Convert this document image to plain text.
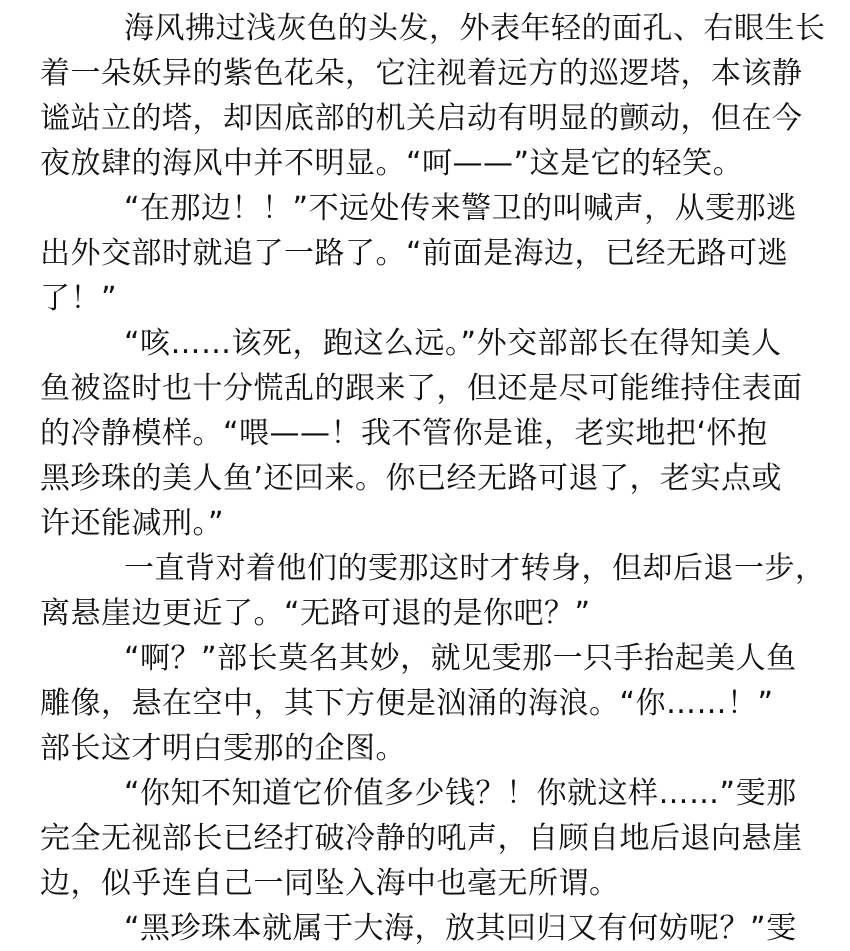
海风拂过浅灰色的头发，外表年轻的面孔、右眼生长
着一朵妖异的紫色花朵，它注视着远方的巡逻塔，本该静
谧站立的塔，却因底部的机关启动有明显的颤动，但在今
夜放肆的海风中并不明显。“呵——”这是它的轻笑。
“在那边！！”不远处传来警卫的叫喊声，从雯那逃
出外交部时就追了一路了。“前面是海边，已经无路可逃
了！”
“咳……该死，跑这么远。”外交部部长在得知美人
鱼被盗时也十分慌乱的跟来了，但还是尽可能维持住表面
的冷静模样。“喂——！我不管你是谁，老实地把‘怀抱
黑珍珠的美人鱼’还回来。你已经无路可退了，老实点或
许还能减刑。”
一直背对着他们的雯那这时才转身，但却后退一步，
离悬崖边更近了。“无路可退的是你吧？”
“啊？”部长莫名其妙，就见雯那一只手抬起美人鱼
雕像，悬在空中，其下方便是汹涌的海浪。“你……！”
部长这才明白雯那的企图。
“你知不知道它价值多少钱？！你就这样……”雯那
完全无视部长已经打破冷静的吼声，自顾自地后退向悬崖
边，似乎连自己一同坠入海中也毫无所谓。
“黑珍珠本就属于大海，放其回归又有何妨呢？”雯
